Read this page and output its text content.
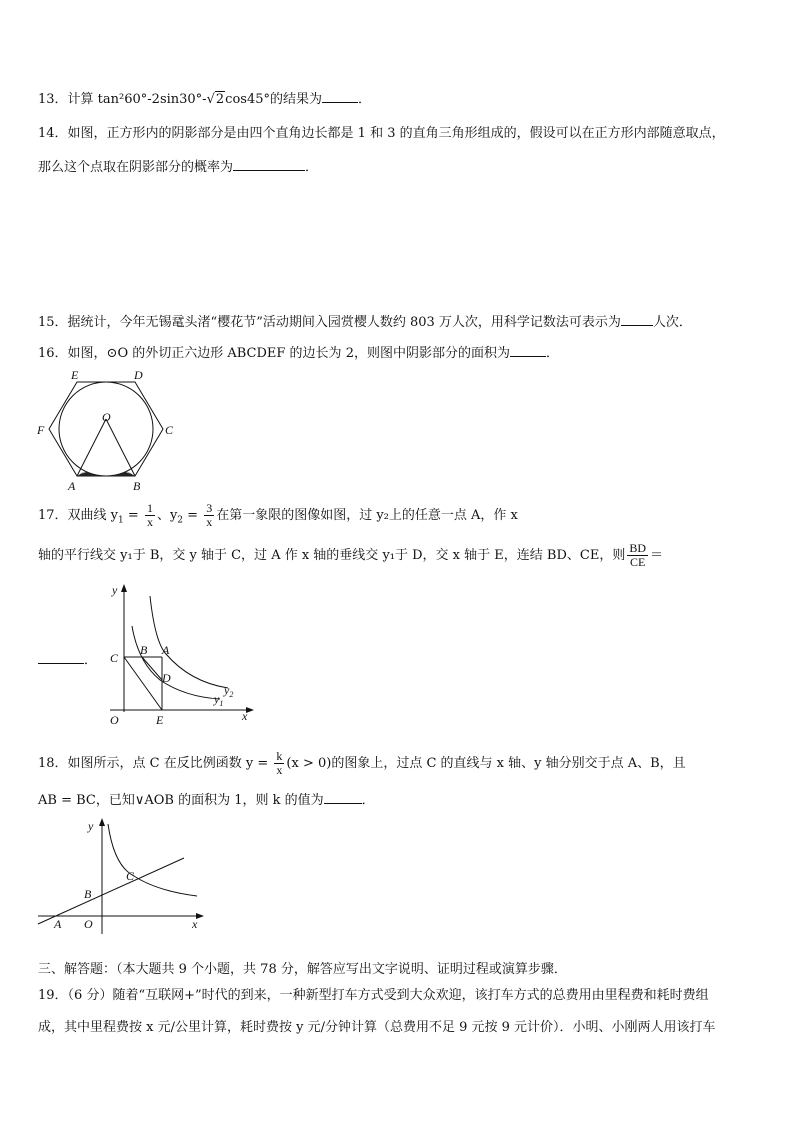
13．计算 tan²60°-2sin30°-√2cos45°的结果为	．
14．如图，正方形内的阴影部分是由四个直角边长都是 1 和 3 的直角三角形组成的，假设可以在正方形内部随意取点，
那么这个点取在阴影部分的概率为	．
15．据统计，今年无锡鼋头渚“樱花节”活动期间入园赏樱人数约 803 万人次，用科学记数法可表示为 人次．
16．如图，⊙O 的外切正六边形 ABCDEF 的边长为 2，则图中阴影部分的面积为	．
E	D
F	C
O
A	B
17．双曲线 $y_1 = \frac{1}{x}$ 、$y_2 = \frac{3}{x}$ 在第一象限的图像如图，过 y₂上的任意一点 A，作 x
轴的平行线交 y₁于 B，交 y 轴于 C，过 A 作 x 轴的垂线交 y₁于 D，交 x 轴于 E，连结 BD、CE，则 $\frac{BD}{CE}$ ＝
．
y
C
B A
D
O	E	x
$y_2$
$y_1$
18．如图所示，点 C 在反比例函数 $y = \frac{k}{x} (x > 0)$的图象上，过点 C 的直线与 x 轴、y 轴分别交于点 A、B，且
AB = BC，已知∨AOB 的面积为 1，则 k 的值为	．
y
C
B
A O	x
三、解答题：（本大题共 9 个小题，共 78 分，解答应写出文字说明、证明过程或演算步骤．
19．（6 分）随着“互联网+”时代的到来，一种新型打车方式受到大众欢迎，该打车方式的总费用由里程费和耗时费组
成，其中里程费按 x 元/公里计算，耗时费按 y 元/分钟计算（总费用不足 9 元按 9 元计价）．小明、小刚两人用该打车
